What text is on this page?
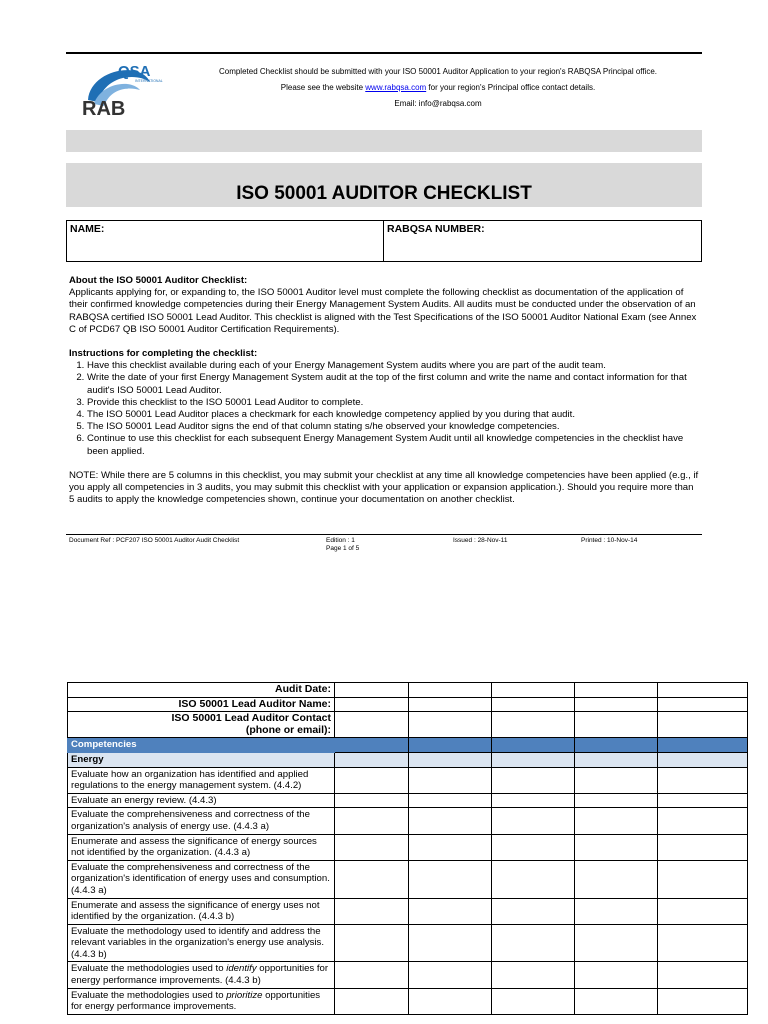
QSA
INTERNATIONAL
RAB
Completed Checklist should be submitted with your ISO 50001 Auditor Application to your region's RABQSA Principal office.
Please see the website www.rabqsa.com for your region's Principal office contact details.
Email: info@rabqsa.com
ISO 50001 AUDITOR CHECKLIST
NAME:	RABQSA NUMBER:

About the ISO 50001 Auditor Checklist:

Applicants applying for, or expanding to, the ISO 50001 Auditor level must complete the following checklist as documentation of the application of their confirmed knowledge competencies during their Energy Management System Audits. All audits must be conducted under the observation of an RABQSA certified ISO 50001 Lead Auditor. This checklist is aligned with the Test Specifications of the ISO 50001 Auditor National Exam (see Annex C of PCD67 QB ISO 50001 Auditor Certification Requirements).

Instructions for completing the checklist:

1. Have this checklist available during each of your Energy Management System audits where you are part of the audit team.
2. Write the date of your first Energy Management System audit at the top of the first column and write the name and contact information for that audit's ISO 50001 Lead Auditor.
3. Provide this checklist to the ISO 50001 Lead Auditor to complete.
4. The ISO 50001 Lead Auditor places a checkmark for each knowledge competency applied by you during that audit.
5. The ISO 50001 Lead Auditor signs the end of that column stating s/he observed your knowledge competencies.
6. Continue to use this checklist for each subsequent Energy Management System Audit until all knowledge competencies in the checklist have been applied.

NOTE: While there are 5 columns in this checklist, you may submit your checklist at any time all knowledge competencies have been applied (e.g., if you apply all competencies in 3 audits, you may submit this checklist with your application or expansion application.). Should you require more than 5 audits to apply the knowledge competencies shown, continue your documentation on another checklist.

Document Ref : PCF207 ISO 50001 Auditor Audit Checklist	Edition : 1
Page 1 of 5
Issued : 28-Nov-11	Printed : 10-Nov-14
Audit Date:					
ISO 50001 Lead Auditor Name:					
ISO 50001 Lead Auditor Contact (phone or email):					
Competencies					
Energy					
Evaluate how an organization has identified and applied regulations to the energy management system. (4.4.2)					
Evaluate an energy review. (4.4.3)					
Evaluate the comprehensiveness and correctness of the organization's analysis of energy use. (4.4.3 a)					
Enumerate and assess the significance of energy sources not identified by the organization. (4.4.3 a)					
Evaluate the comprehensiveness and correctness of the organization's identification of energy uses and consumption. (4.4.3 a)					
Enumerate and assess the significance of energy uses not identified by the organization. (4.4.3 b)					
Evaluate the methodology used to identify and address the relevant variables in the organization's energy use analysis. (4.4.3 b)					
Evaluate the methodologies used to identify opportunities for energy performance improvements. (4.4.3 b)					
Evaluate the methodologies used to prioritize opportunities for energy performance improvements.					
